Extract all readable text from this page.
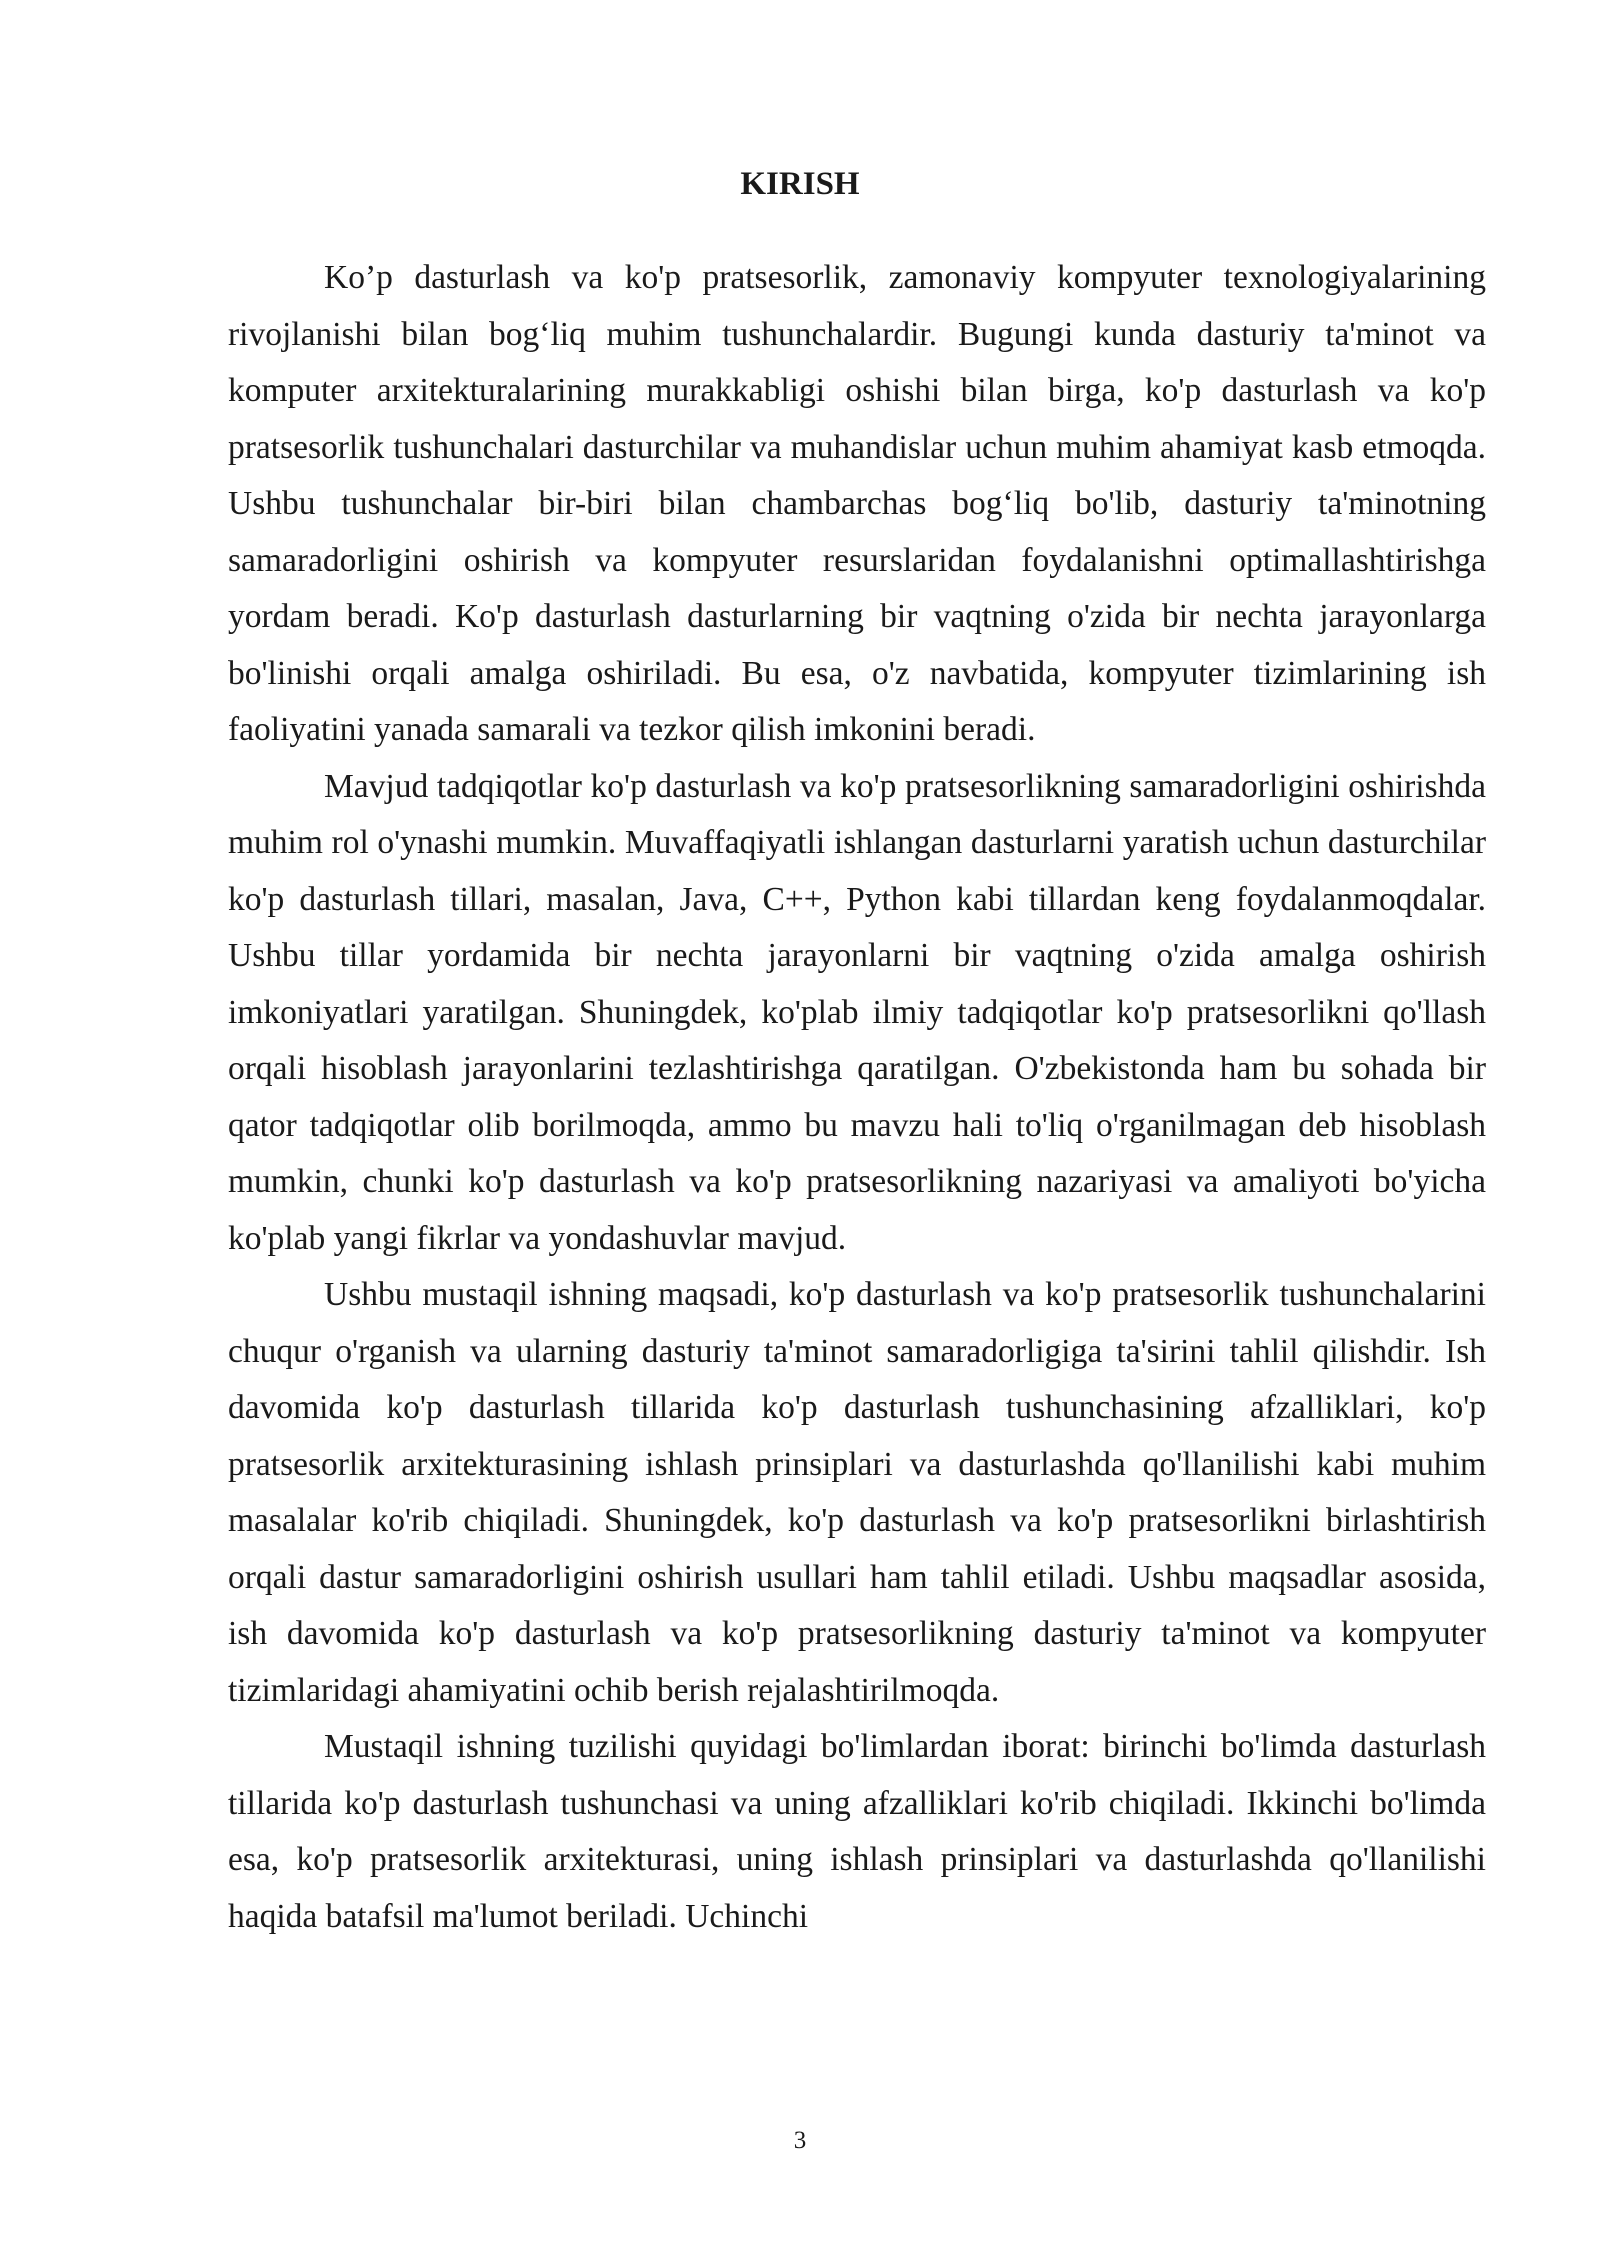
KIRISH

Ko’p dasturlash va ko'p pratsesorlik, zamonaviy kompyuter texnologiyalarining rivojlanishi bilan bog‘liq muhim tushunchalardir. Bugungi kunda dasturiy ta'minot va komputer arxitekturalarining murakkabligi oshishi bilan birga, ko'p dasturlash va ko'p pratsesorlik tushunchalari dasturchilar va muhandislar uchun muhim ahamiyat kasb etmoqda. Ushbu tushunchalar bir-biri bilan chambarchas bog‘liq bo'lib, dasturiy ta'minotning samaradorligini oshirish va kompyuter resurslaridan foydalanishni optimallashtirishga yordam beradi. Ko'p dasturlash dasturlarning bir vaqtning o'zida bir nechta jarayonlarga bo'linishi orqali amalga oshiriladi. Bu esa, o'z navbatida, kompyuter tizimlarining ish faoliyatini yanada samarali va tezkor qilish imkonini beradi.

Mavjud tadqiqotlar ko'p dasturlash va ko'p pratsesorlikning samaradorligini oshirishda muhim rol o'ynashi mumkin. Muvaffaqiyatli ishlangan dasturlarni yaratish uchun dasturchilar ko'p dasturlash tillari, masalan, Java, C++, Python kabi tillardan keng foydalanmoqdalar. Ushbu tillar yordamida bir nechta jarayonlarni bir vaqtning o'zida amalga oshirish imkoniyatlari yaratilgan. Shuningdek, ko'plab ilmiy tadqiqotlar ko'p pratsesorlikni qo'llash orqali hisoblash jarayonlarini tezlashtirishga qaratilgan. O'zbekistonda ham bu sohada bir qator tadqiqotlar olib borilmoqda, ammo bu mavzu hali to'liq o'rganilmagan deb hisoblash mumkin, chunki ko'p dasturlash va ko'p pratsesorlikning nazariyasi va amaliyoti bo'yicha ko'plab yangi fikrlar va yondashuvlar mavjud.

Ushbu mustaqil ishning maqsadi, ko'p dasturlash va ko'p pratsesorlik tushunchalarini chuqur o'rganish va ularning dasturiy ta'minot samaradorligiga ta'sirini tahlil qilishdir. Ish davomida ko'p dasturlash tillarida ko'p dasturlash tushunchasining afzalliklari, ko'p pratsesorlik arxitekturasining ishlash prinsiplari va dasturlashda qo'llanilishi kabi muhim masalalar ko'rib chiqiladi. Shuningdek, ko'p dasturlash va ko'p pratsesorlikni birlashtirish orqali dastur samaradorligini oshirish usullari ham tahlil etiladi. Ushbu maqsadlar asosida, ish davomida ko'p dasturlash va ko'p pratsesorlikning dasturiy ta'minot va kompyuter tizimlaridagi ahamiyatini ochib berish rejalashtirilmoqda.

Mustaqil ishning tuzilishi quyidagi bo'limlardan iborat: birinchi bo'limda dasturlash tillarida ko'p dasturlash tushunchasi va uning afzalliklari ko'rib chiqiladi. Ikkinchi bo'limda esa, ko'p pratsesorlik arxitekturasi, uning ishlash prinsiplari va dasturlashda qo'llanilishi haqida batafsil ma'lumot beriladi. Uchinchi

3
